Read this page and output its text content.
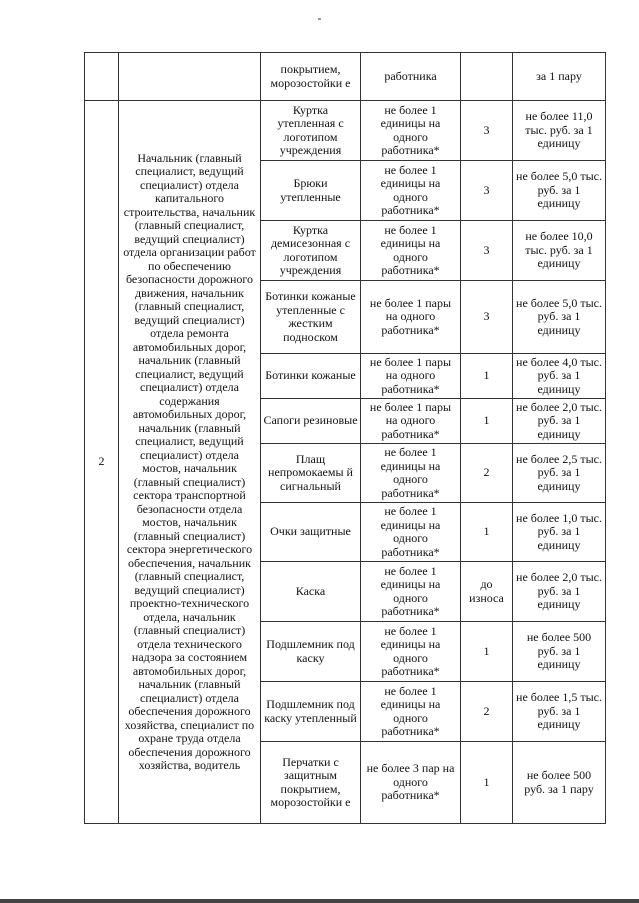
		покрытием, морозостойки е	работника		за 1 пару
2	Начальник (главный специалист, ведущий специалист) отдела капитального строительства, начальник (главный специалист, ведущий специалист) отдела организации работ по обеспечению безопасности дорожного движения, начальник (главный специалист, ведущий специалист) отдела ремонта автомобильных дорог, начальник (главный специалист, ведущий специалист) отдела содержания автомобильных дорог, начальник (главный специалист, ведущий специалист) отдела мостов, начальник (главный специалист) сектора транспортной безопасности отдела мостов, начальник (главный специалист) сектора энергетического обеспечения, начальник (главный специалист, ведущий специалист) проектно-технического отдела, начальник (главный специалист) отдела технического надзора за состоянием автомобильных дорог, начальник (главный специалист) отдела обеспечения дорожного хозяйства, специалист по охране труда отдела обеспечения дорожного хозяйства, водитель	Куртка утепленная с логотипом учреждения	не более 1 единицы на одного работника*	3	не более 11,0 тыс. руб. за 1 единицу
		Брюки утепленные	не более 1 единицы на одного работника*	3	не более 5,0 тыс. руб. за 1 единицу
		Куртка демисезонная с логотипом учреждения	не более 1 единицы на одного работника*	3	не более 10,0 тыс. руб. за 1 единицу
		Ботинки кожаные утепленные с жестким подноском	не более 1 пары на одного работника*	3	не более 5,0 тыс. руб. за 1 единицу
		Ботинки кожаные	не более 1 пары на одного работника*	1	не более 4,0 тыс. руб. за 1 единицу
		Сапоги резиновые	не более 1 пары на одного работника*	1	не более 2,0 тыс. руб. за 1 единицу
		Плащ непромокаемы й сигнальный	не более 1 единицы на одного работника*	2	не более 2,5 тыс. руб. за 1 единицу
		Очки защитные	не более 1 единицы на одного работника*	1	не более 1,0 тыс. руб. за 1 единицу
		Каска	не более 1 единицы на одного работника*	до износа	не более 2,0 тыс. руб. за 1 единицу
		Подшлемник под каску	не более 1 единицы на одного работника*	1	не более 500 руб. за 1 единицу
		Подшлемник под каску утепленный	не более 1 единицы на одного работника*	2	не более 1,5 тыс. руб. за 1 единицу
		Перчатки с защитным покрытием, морозостойки е	не более 3 пар на одного работника*	1	не более 500 руб. за 1 пару
